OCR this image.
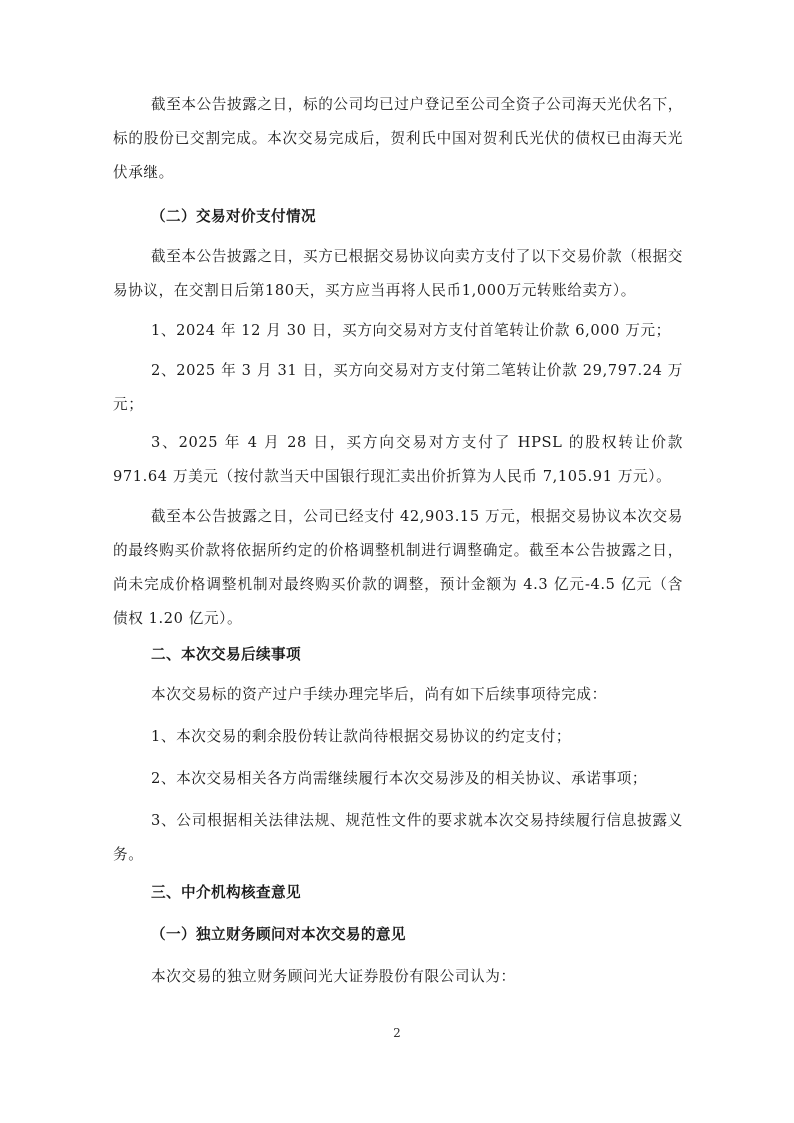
截至本公告披露之日，标的公司均已过户登记至公司全资子公司海天光伏名下，标的股份已交割完成。本次交易完成后，贺利氏中国对贺利氏光伏的债权已由海天光伏承继。

（二）交易对价支付情况

截至本公告披露之日，买方已根据交易协议向卖方支付了以下交易价款（根据交易协议，在交割日后第180天，买方应当再将人民币1,000万元转账给卖方）。

1、2024 年 12 月 30 日，买方向交易对方支付首笔转让价款 6,000 万元；

2、2025 年 3 月 31 日，买方向交易对方支付第二笔转让价款 29,797.24 万元；

3、2025 年 4 月 28 日，买方向交易对方支付了 HPSL 的股权转让价款 971.64 万美元（按付款当天中国银行现汇卖出价折算为人民币 7,105.91 万元）。

截至本公告披露之日，公司已经支付 42,903.15 万元，根据交易协议本次交易的最终购买价款将依据所约定的价格调整机制进行调整确定。截至本公告披露之日，尚未完成价格调整机制对最终购买价款的调整，预计金额为 4.3 亿元-4.5 亿元（含债权 1.20 亿元）。

二、本次交易后续事项

本次交易标的资产过户手续办理完毕后，尚有如下后续事项待完成：

1、本次交易的剩余股份转让款尚待根据交易协议的约定支付；

2、本次交易相关各方尚需继续履行本次交易涉及的相关协议、承诺事项；

3、公司根据相关法律法规、规范性文件的要求就本次交易持续履行信息披露义务。

三、中介机构核查意见

（一）独立财务顾问对本次交易的意见

本次交易的独立财务顾问光大证券股份有限公司认为：

2
